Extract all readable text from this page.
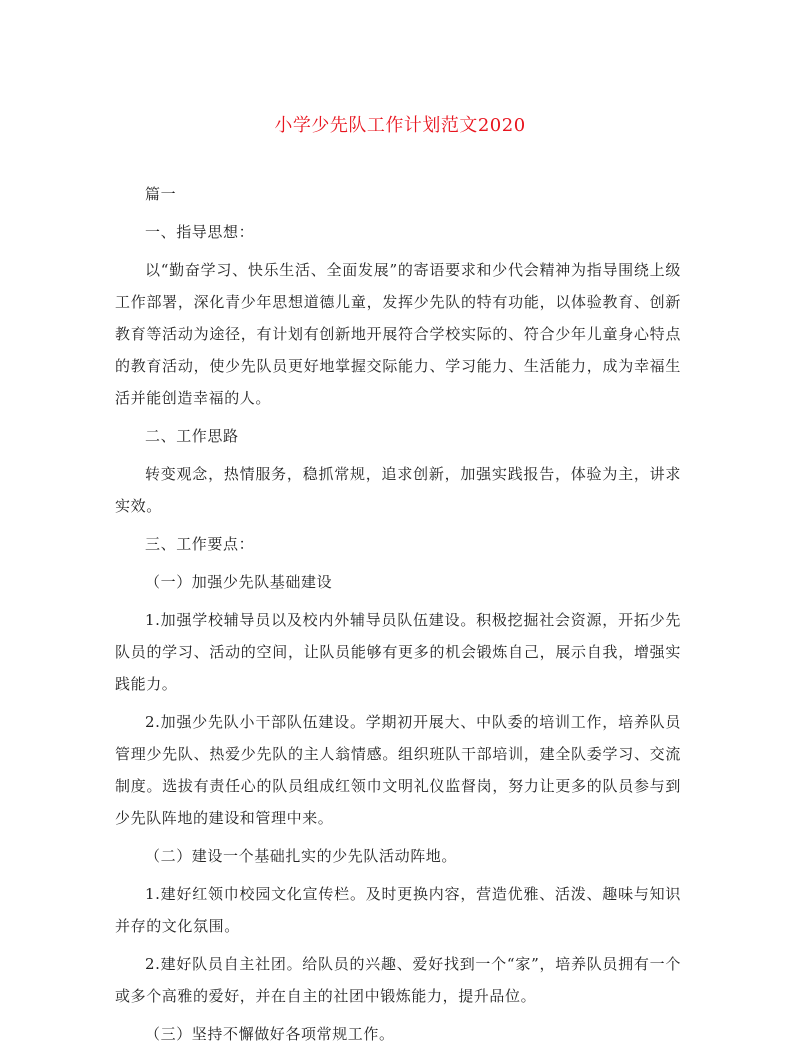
小学少先队工作计划范文2020

篇一

一、指导思想：

以“勤奋学习、快乐生活、全面发展”的寄语要求和少代会精神为指导围绕上级工作部署，深化青少年思想道德儿童，发挥少先队的特有功能，以体验教育、创新教育等活动为途径，有计划有创新地开展符合学校实际的、符合少年儿童身心特点的教育活动，使少先队员更好地掌握交际能力、学习能力、生活能力，成为幸福生活并能创造幸福的人。

二、工作思路

转变观念，热情服务，稳抓常规，追求创新，加强实践报告，体验为主，讲求实效。

三、工作要点：

（一）加强少先队基础建设

1.加强学校辅导员以及校内外辅导员队伍建设。积极挖掘社会资源，开拓少先队员的学习、活动的空间，让队员能够有更多的机会锻炼自己，展示自我，增强实践能力。

2.加强少先队小干部队伍建设。学期初开展大、中队委的培训工作，培养队员管理少先队、热爱少先队的主人翁情感。组织班队干部培训，建全队委学习、交流制度。选拔有责任心的队员组成红领巾文明礼仪监督岗，努力让更多的队员参与到少先队阵地的建设和管理中来。

（二）建设一个基础扎实的少先队活动阵地。

1.建好红领巾校园文化宣传栏。及时更换内容，营造优雅、活泼、趣味与知识并存的文化氛围。

2.建好队员自主社团。给队员的兴趣、爱好找到一个“家”，培养队员拥有一个或多个高雅的爱好，并在自主的社团中锻炼能力，提升品位。

（三）坚持不懈做好各项常规工作。
